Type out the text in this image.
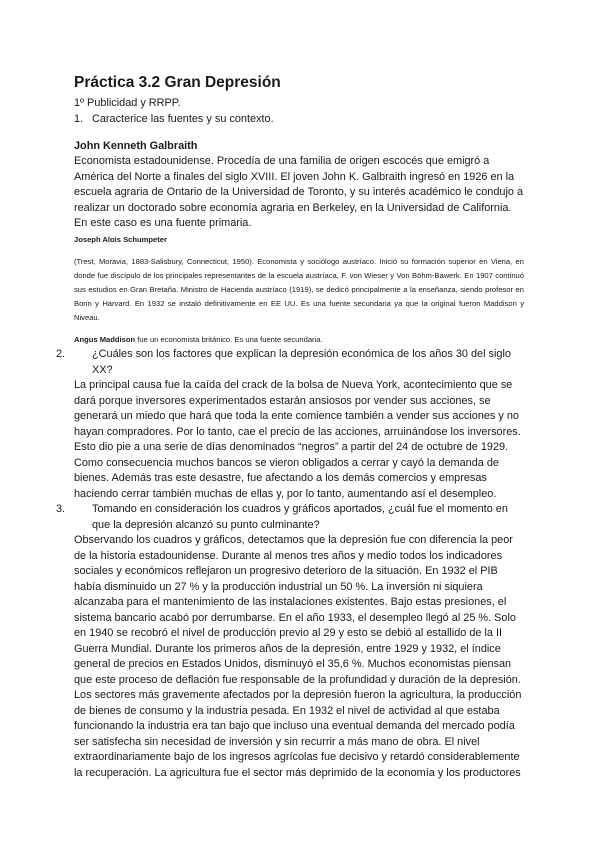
Práctica 3.2 Gran Depresión

1º Publicidad y RRPP.

1. Caracterice las fuentes y su contexto.

John Kenneth Galbraith

Economista estadounidense. Procedía de una familia de origen escocés que emigró a América del Norte a finales del siglo XVIII. El joven John K. Galbraith ingresó en 1926 en la escuela agraria de Ontario de la Universidad de Toronto, y su interés académico le condujo a realizar un doctorado sobre economía agraria en Berkeley, en la Universidad de California. En este caso es una fuente primaria.

Joseph Alois Schumpeter

(Trest, Moravia, 1883-Salisbury, Connecticut, 1950). Economista y sociólogo austríaco. Inició su formación superior en Viena, en donde fue discípulo de los principales representantes de la escuela austríaca, F. von Wieser y Von Böhm-Bawerk. En 1907 continuó sus estudios en Gran Bretaña. Ministro de Hacienda austríaco (1919), se dedicó principalmente a la enseñanza, siendo profesor en Bonn y Harvard. En 1932 se instaló definitivamente en EE UU. Es una fuente secundaria ya que la original fueron Maddison y Niveau.

Angus Maddison fue un economista británico. Es una fuente secundaria.

2. ¿Cuáles son los factores que explican la depresión económica de los años 30 del siglo XX?

La principal causa fue la caída del crack de la bolsa de Nueva York, acontecimiento que se dará porque inversores experimentados estarán ansiosos por vender sus acciones, se generará un miedo que hará que toda la ente comience también a vender sus acciones y no hayan compradores. Por lo tanto, cae el precio de las acciones, arruinándose los inversores. Esto dio pie a una serie de días denominados “negros” a partir del 24 de octubre de 1929. Como consecuencia muchos bancos se vieron obligados a cerrar y cayó la demanda de bienes. Además tras este desastre, fue afectando a los demás comercios y empresas haciendo cerrar también muchas de ellas y, por lo tanto, aumentando así el desempleo.

3. Tomando en consideración los cuadros y gráficos aportados, ¿cuál fue el momento en que la depresión alcanzó su punto culminante?

Observando los cuadros y gráficos, detectamos que la depresión fue con diferencia la peor de la historia estadounidense. Durante al menos tres años y medio todos los indicadores sociales y económicos reflejaron un progresivo deterioro de la situación. En 1932 el PIB había disminuido un 27 % y la producción industrial un 50 %. La inversión ni siquiera alcanzaba para el mantenimiento de las instalaciones existentes. Bajo estas presiones, el sistema bancario acabó por derrumbarse. En el año 1933, el desempleo llegó al 25 %. Solo en 1940 se recobró el nivel de producción previo al 29 y esto se debió al estallido de la II Guerra Mundial. Durante los primeros años de la depresión, entre 1929 y 1932, el índice general de precios en Estados Unidos, disminuyó el 35,6 %. Muchos economistas piensan que este proceso de deflación fue responsable de la profundidad y duración de la depresión. Los sectores más gravemente afectados por la depresión fueron la agricultura, la producción de bienes de consumo y la industria pesada. En 1932 el nivel de actividad al que estaba funcionando la industria era tan bajo que incluso una eventual demanda del mercado podía ser satisfecha sin necesidad de inversión y sin recurrir a más mano de obra. El nivel extraordinariamente bajo de los ingresos agrícolas fue decisivo y retardó considerablemente la recuperación. La agricultura fue el sector más deprimido de la economía y los productores
